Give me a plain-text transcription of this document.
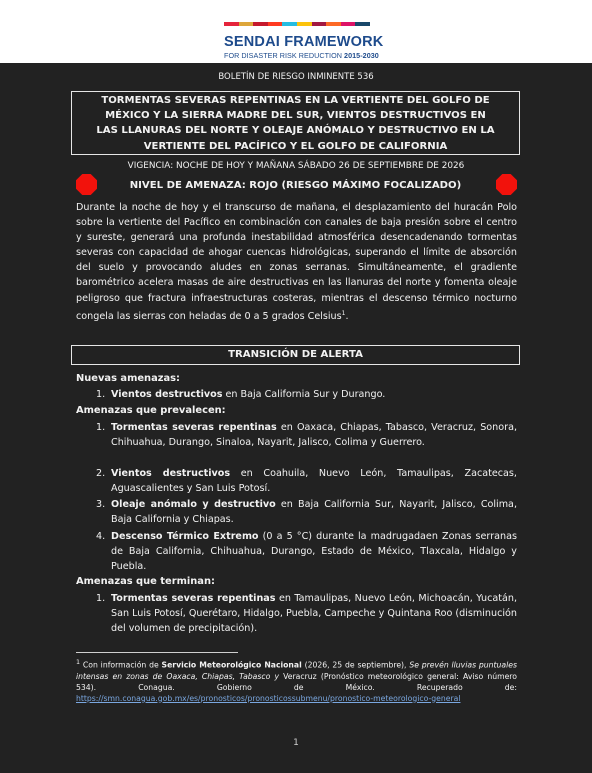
SENDAI FRAMEWORK
FOR DISASTER RISK REDUCTION 2015-2030
BOLETÍN DE RIESGO INMINENTE 536
TORMENTAS SEVERAS REPENTINAS EN LA VERTIENTE DEL GOLFO DE
MÉXICO Y LA SIERRA MADRE DEL SUR, VIENTOS DESTRUCTIVOS EN
LAS LLANURAS DEL NORTE Y OLEAJE ANÓMALO Y DESTRUCTIVO EN LA
VERTIENTE DEL PACÍFICO Y EL GOLFO DE CALIFORNIA
VIGENCIA: NOCHE DE HOY Y MAÑANA SÁBADO 26 DE SEPTIEMBRE DE 2026
NIVEL DE AMENAZA: ROJO (RIESGO MÁXIMO FOCALIZADO)
Durante la noche de hoy y el transcurso de mañana, el desplazamiento del huracán Polo sobre la vertiente del Pacífico en combinación con canales de baja presión sobre el centro y sureste, generará una profunda inestabilidad atmosférica desencadenando tormentas severas con capacidad de ahogar cuencas hidrológicas, superando el límite de absorción del suelo y provocando aludes en zonas serranas. Simultáneamente, el gradiente barométrico acelera masas de aire destructivas en las llanuras del norte y fomenta oleaje peligroso que fractura infraestructuras costeras, mientras el descenso térmico nocturno congela las sierras con heladas de 0 a 5 grados Celsius$^1$.
TRANSICIÓN DE ALERTA
Nuevas amenazas:
1. Vientos destructivos en Baja California Sur y Durango.
Amenazas que prevalecen:
1. Tormentas severas repentinas en Oaxaca, Chiapas, Tabasco, Veracruz, Sonora, Chihuahua, Durango, Sinaloa, Nayarit, Jalisco, Colima y Guerrero.
2. Vientos destructivos en Coahuila, Nuevo León, Tamaulipas, Zacatecas, Aguascalientes y San Luis Potosí.
3. Oleaje anómalo y destructivo en Baja California Sur, Nayarit, Jalisco, Colima, Baja California y Chiapas.
4. Descenso Térmico Extremo (0 a 5 °C) durante la madrugadaen Zonas serranas de Baja California, Chihuahua, Durango, Estado de México, Tlaxcala, Hidalgo y Puebla.
Amenazas que terminan:
1. Tormentas severas repentinas en Tamaulipas, Nuevo León, Michoacán, Yucatán, San Luis Potosí, Querétaro, Hidalgo, Puebla, Campeche y Quintana Roo (disminución del volumen de precipitación).
$^1$ Con información de Servicio Meteorológico Nacional (2026, 25 de septiembre), Se prevén lluvias puntuales intensas en zonas de Oaxaca, Chiapas, Tabasco y Veracruz (Pronóstico meteorológico general: Aviso número 534). Conagua. Gobierno de México. Recuperado de: https://smn.conagua.gob.mx/es/pronosticos/pronosticossubmenu/pronostico-meteorologico-general
1
